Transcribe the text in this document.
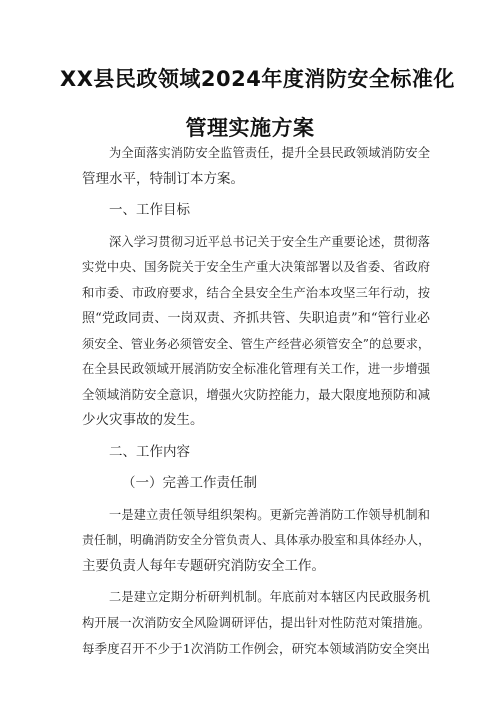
XX县民政领域2024年度消防安全标准化
管理实施方案
为全面落实消防安全监管责任，提升全县民政领域消防安全
管理水平，特制订本方案。
一、工作目标
深入学习贯彻习近平总书记关于安全生产重要论述，贯彻落
实党中央、国务院关于安全生产重大决策部署以及省委、省政府
和市委、市政府要求，结合全县安全生产治本攻坚三年行动，按
照“党政同责、一岗双责、齐抓共管、失职追责”和“管行业必
须安全、管业务必须管安全、管生产经营必须管安全”的总要求，
在全县民政领域开展消防安全标准化管理有关工作，进一步增强
全领域消防安全意识，增强火灾防控能力，最大限度地预防和减
少火灾事故的发生。
二、工作内容
（一）完善工作责任制
一是建立责任领导组织架构。更新完善消防工作领导机制和
责任制，明确消防安全分管负责人、具体承办股室和具体经办人，
主要负责人每年专题研究消防安全工作。
二是建立定期分析研判机制。年底前对本辖区内民政服务机
构开展一次消防安全风险调研评估，提出针对性防范对策措施。
每季度召开不少于1次消防工作例会，研究本领域消防安全突出
